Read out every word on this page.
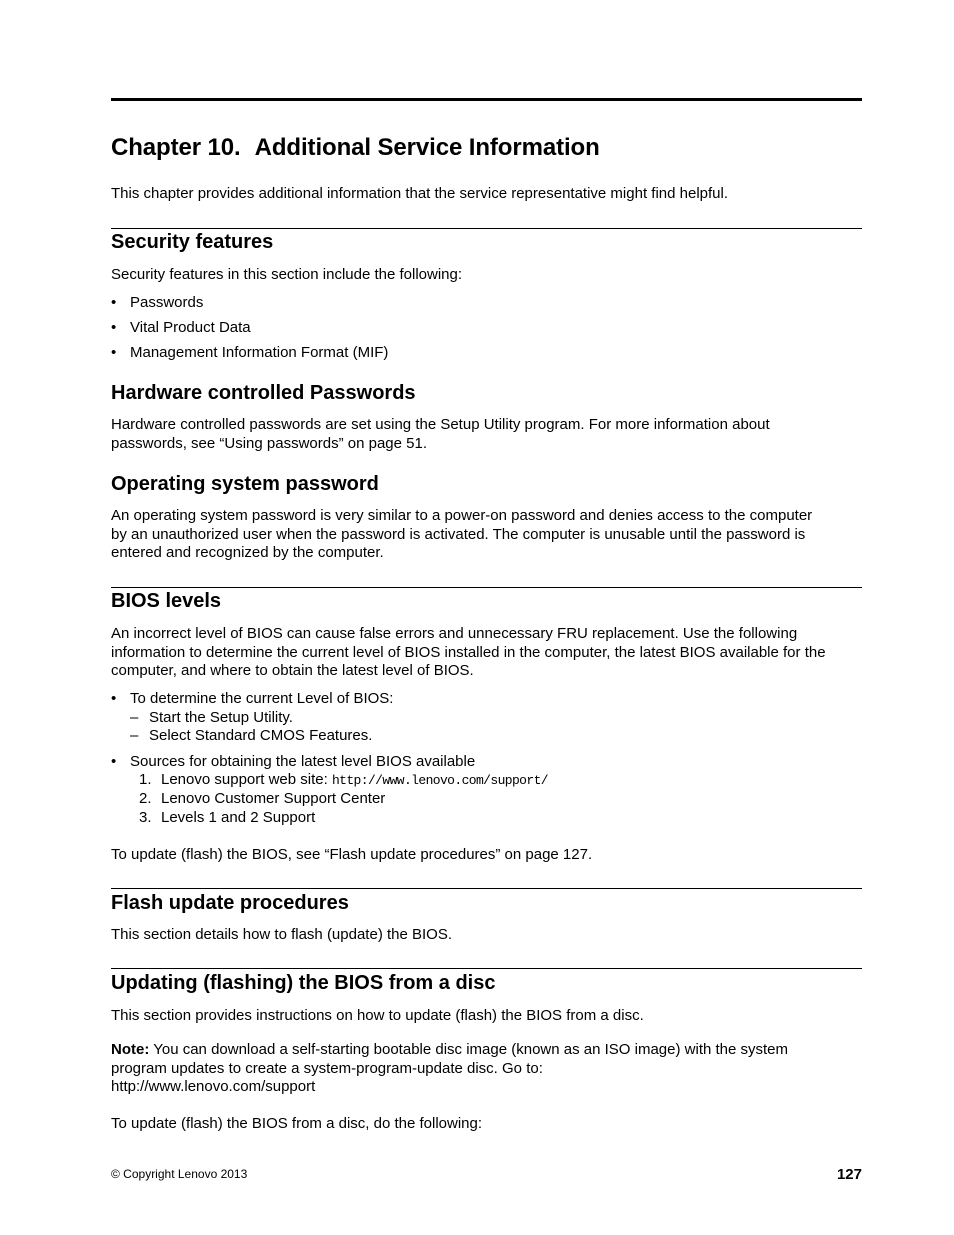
Chapter 10. Additional Service Information

This chapter provides additional information that the service representative might find helpful.

Security features

Security features in this section include the following:

• Passwords
• Vital Product Data
• Management Information Format (MIF)
Hardware controlled Passwords

Hardware controlled passwords are set using the Setup Utility program. For more information about

passwords, see “Using passwords” on page 51.

Operating system password

An operating system password is very similar to a power-on password and denies access to the computer

by an unauthorized user when the password is activated. The computer is unusable until the password is

entered and recognized by the computer.

BIOS levels

An incorrect level of BIOS can cause false errors and unnecessary FRU replacement. Use the following

information to determine the current level of BIOS installed in the computer, the latest BIOS available for the

computer, and where to obtain the latest level of BIOS.

• To determine the current Level of BIOS:
– Start the Setup Utility.
– Select Standard CMOS Features.
• Sources for obtaining the latest level BIOS available
1. Lenovo support web site: http://www.lenovo.com/support/
2. Lenovo Customer Support Center
3. Levels 1 and 2 Support

To update (flash) the BIOS, see “Flash update procedures” on page 127.

Flash update procedures

This section details how to flash (update) the BIOS.

Updating (flashing) the BIOS from a disc

This section provides instructions on how to update (flash) the BIOS from a disc.

Note: You can download a self-starting bootable disc image (known as an ISO image) with the system

program updates to create a system-program-update disc. Go to:

http://www.lenovo.com/support

To update (flash) the BIOS from a disc, do the following:

© Copyright Lenovo 2013	127
